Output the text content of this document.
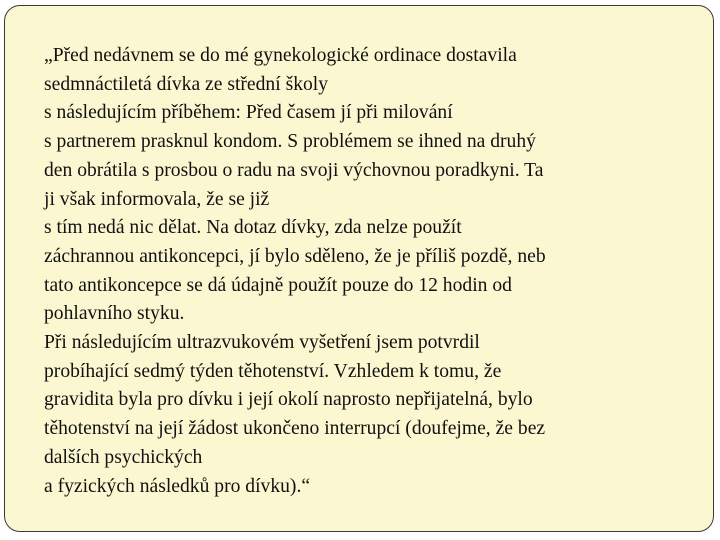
„Před nedávnem se do mé gynekologické ordinace dostavila
sedmnáctiletá dívka ze střední školy
s následujícím příběhem: Před časem jí při milování
s partnerem prasknul kondom. S problémem se ihned na druhý
den obrátila s prosbou o radu na svoji výchovnou poradkyni. Ta
ji však informovala, že se již
s tím nedá nic dělat. Na dotaz dívky, zda nelze použít
záchrannou antikoncepci, jí bylo sděleno, že je příliš pozdě, neb
tato antikoncepce se dá údajně použít pouze do 12 hodin od
pohlavního styku.
Při následujícím ultrazvukovém vyšetření jsem potvrdil
probíhající sedmý týden těhotenství. Vzhledem k tomu, že
gravidita byla pro dívku i její okolí naprosto nepřijatelná, bylo
těhotenství na její žádost ukončeno interrupcí (doufejme, že bez
dalších psychických
a fyzických následků pro dívku).“
